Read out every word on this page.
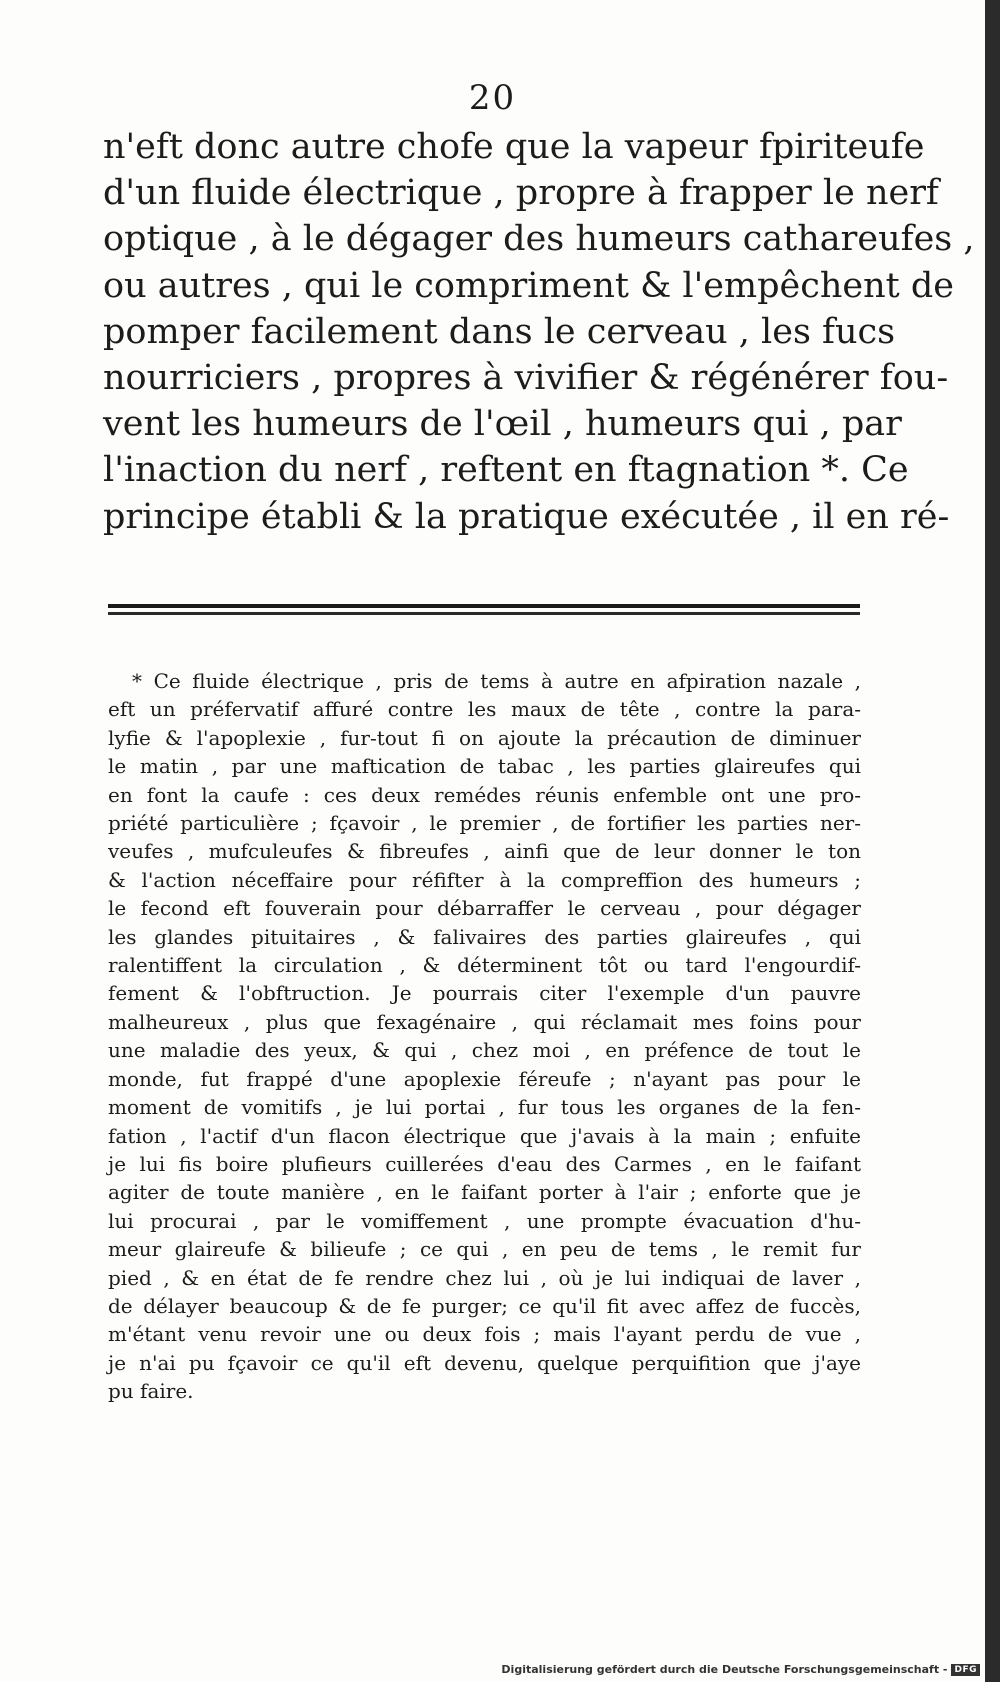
20
n'eft donc autre chofe que la vapeur fpiriteufe
d'un fluide électrique , propre à frapper le nerf
optique , à le dégager des humeurs cathareufes ,
ou autres , qui le compriment & l'empêchent de
pomper facilement dans le cerveau , les fucs
nourriciers , propres à vivifier & régénérer fou-
vent les humeurs de l'œil , humeurs qui , par
l'inaction du nerf , reftent en ftagnation *. Ce
principe établi & la pratique exécutée , il en ré-
* Ce fluide électrique , pris de tems à autre en afpiration nazale ,
eft un préfervatif affuré contre les maux de tête , contre la para-
lyfie & l'apoplexie , fur-tout fi on ajoute la précaution de diminuer
le matin , par une maftication de tabac , les parties glaireufes qui
en font la caufe : ces deux remédes réunis enfemble ont une pro-
priété particulière ; fçavoir , le premier , de fortifier les parties ner-
veufes , mufculeufes & fibreufes , ainfi que de leur donner le ton
& l'action néceffaire pour réfifter à la compreffion des humeurs ;
le fecond eft fouverain pour débarraffer le cerveau , pour dégager
les glandes pituitaires , & falivaires des parties glaireufes , qui
ralentiffent la circulation , & déterminent tôt ou tard l'engourdif-
fement & l'obftruction. Je pourrais citer l'exemple d'un pauvre
malheureux , plus que fexagénaire , qui réclamait mes foins pour
une maladie des yeux, & qui , chez moi , en préfence de tout le
monde, fut frappé d'une apoplexie féreufe ; n'ayant pas pour le
moment de vomitifs , je lui portai , fur tous les organes de la fen-
fation , l'actif d'un flacon électrique que j'avais à la main ; enfuite
je lui fis boire plufieurs cuillerées d'eau des Carmes , en le faifant
agiter de toute manière , en le faifant porter à l'air ; enforte que je
lui procurai , par le vomiffement , une prompte évacuation d'hu-
meur glaireufe & bilieufe ; ce qui , en peu de tems , le remit fur
pied , & en état de fe rendre chez lui , où je lui indiquai de laver ,
de délayer beaucoup & de fe purger; ce qu'il fit avec affez de fuccès,
m'étant venu revoir une ou deux fois ; mais l'ayant perdu de vue ,
je n'ai pu fçavoir ce qu'il eft devenu, quelque perquifition que j'aye
pu faire.
Digitalisierung gefördert durch die Deutsche Forschungsgemeinschaft - DFG
